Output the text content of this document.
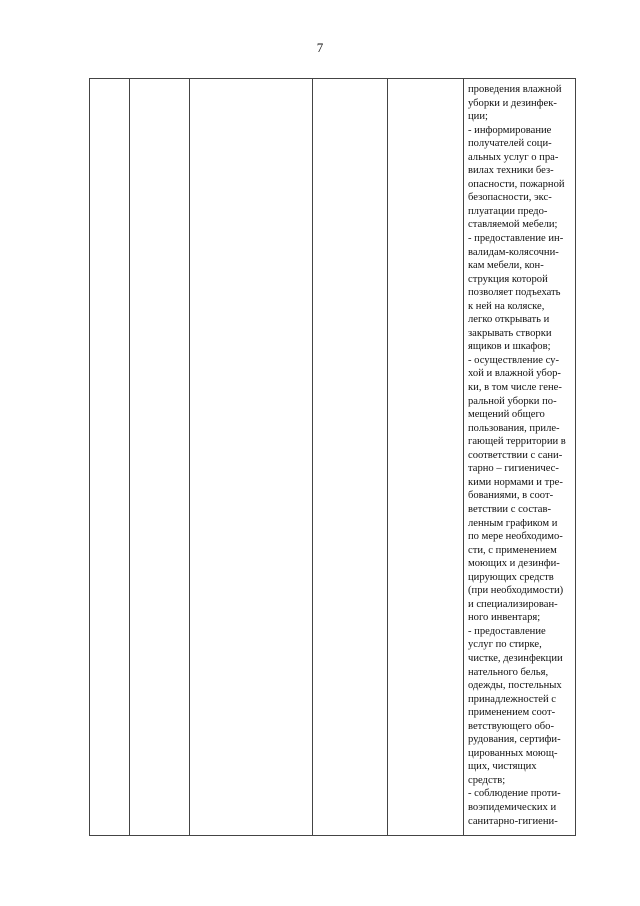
7

проведения влажной
уборки и дезинфек-
ции;
- информирование
получателей соци-
альных услуг о пра-
вилах техники без-
опасности, пожарной
безопасности, экс-
плуатации предо-
ставляемой мебели;
- предоставление ин-
валидам-колясочни-
кам мебели, кон-
струкция которой
позволяет подъехать
к ней на коляске,
легко открывать и
закрывать створки
ящиков и шкафов;
- осуществление су-
хой и влажной убор-
ки, в том числе гене-
ральной уборки по-
мещений общего
пользования, приле-
гающей территории в
соответствии с сани-
тарно – гигиеничес-
кими нормами и тре-
бованиями, в соот-
ветствии с состав-
ленным графиком и
по мере необходимо-
сти, с применением
моющих и дезинфи-
цирующих средств
(при необходимости)
и специализирован-
ного инвентаря;
- предоставление
услуг по стирке,
чистке, дезинфекции
нательного белья,
одежды, постельных
принадлежностей с
применением соот-
ветствующего обо-
рудования, сертифи-
цированных моющ-
щих, чистящих
средств;
- соблюдение проти-
воэпидемических и
санитарно-гигиени-
